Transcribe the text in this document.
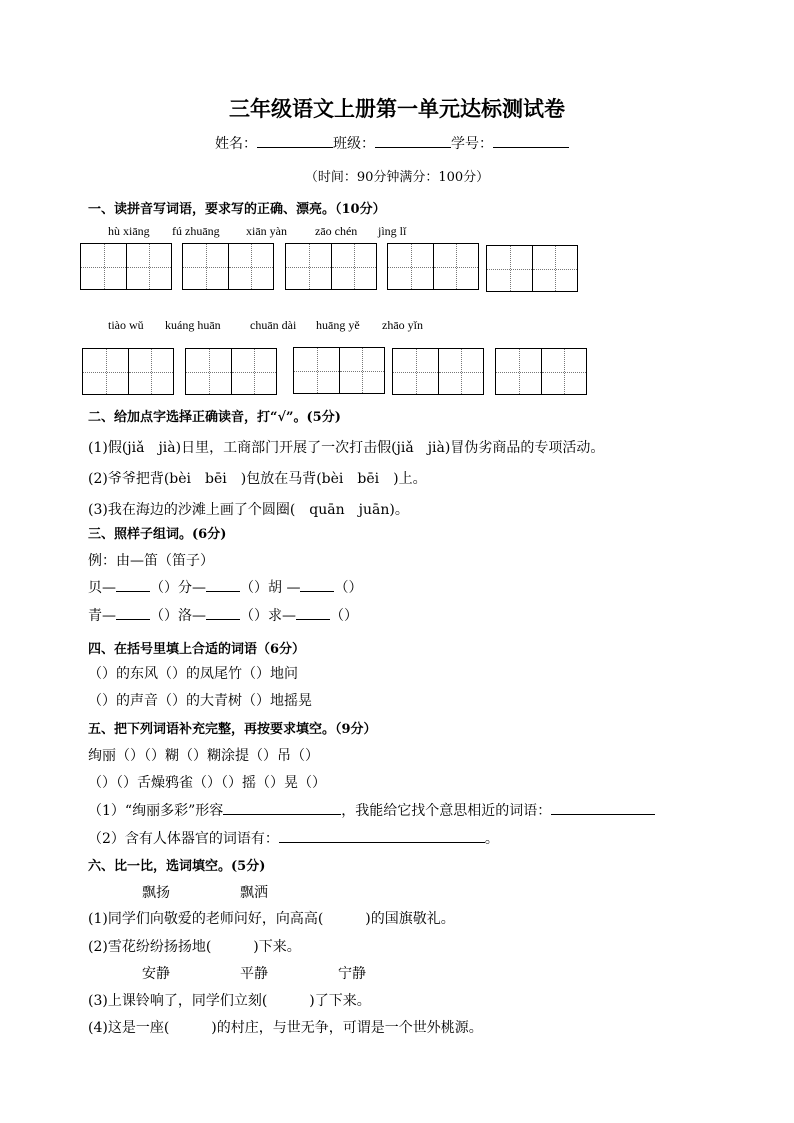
三年级语文上册第一单元达标测试卷
姓名：	班级：	学号：
（时间：90分钟满分：100分）
一、读拼音写词语，要求写的正确、漂亮。（10分）
hù xiāng fú zhuāng xiān yàn zāo chén jìng lǐ
tiào wǔ kuáng huān chuān dài huāng yě zhāo yǐn
二、给加点字选择正确读音，打“√”。(5分)
(1)假(jiǎ　jià)日里，工商部门开展了一次打击假(jiǎ　jià)冒伪劣商品的专项活动。
(2)爷爷把背(bèi　bēi　)包放在马背(bèi　bēi　)上。
(3)我在海边的沙滩上画了个圆圈(　quān　juān)。
三、照样子组词。(6分)
例：由—笛（笛子）
贝— （）分— （）胡 — （）
青— （）洛— （）求— （）
四、在括号里填上合适的词语（6分）
（）的东风（）的凤尾竹（）地问
（）的声音（）的大青树（）地摇晃
五、把下列词语补充完整，再按要求填空。（9分）
绚丽（）（）糊（）糊涂提（）吊（）
（）（）舌燥鸦雀（）（）摇（）晃（）
（1）“绚丽多彩”形容	，我能给它找个意思相近的词语：
（2）含有人体器官的词语有：	。
六、比一比，选词填空。(5分)
飘扬	飘洒
(1)同学们向敬爱的老师问好，向高高(　　　)的国旗敬礼。
(2)雪花纷纷扬扬地(　　　)下来。
安静	平静	宁静
(3)上课铃响了，同学们立刻(　　　)了下来。
(4)这是一座(　　　)的村庄，与世无争，可谓是一个世外桃源。
